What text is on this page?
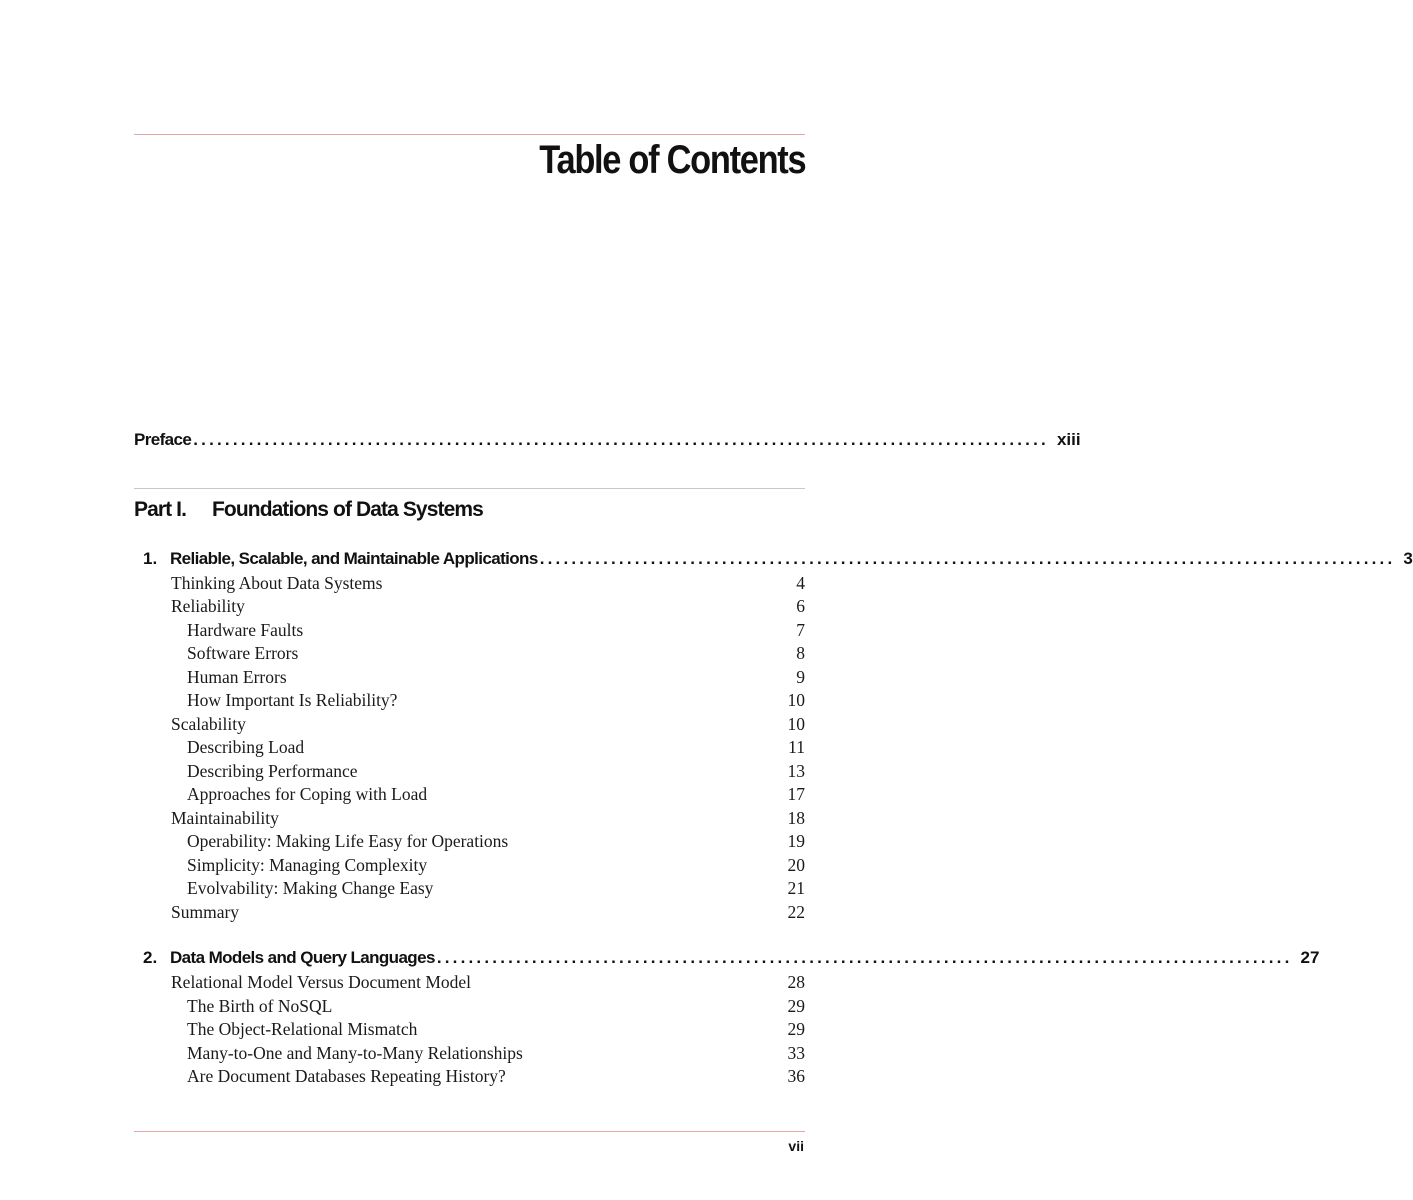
Table of Contents
Preface ............................................................................................................ xiii
Part I. Foundations of Data Systems
1. Reliable, Scalable, and Maintainable Applications ............................................................................................................ 3
Thinking About Data Systems	4
Reliability	6
Hardware Faults	7
Software Errors	8
Human Errors	9
How Important Is Reliability?	10
Scalability	10
Describing Load	11
Describing Performance	13
Approaches for Coping with Load	17
Maintainability	18
Operability: Making Life Easy for Operations	19
Simplicity: Managing Complexity	20
Evolvability: Making Change Easy	21
Summary	22
2. Data Models and Query Languages ............................................................................................................ 27
Relational Model Versus Document Model	28
The Birth of NoSQL	29
The Object-Relational Mismatch	29
Many-to-One and Many-to-Many Relationships	33
Are Document Databases Repeating History?	36
vii
